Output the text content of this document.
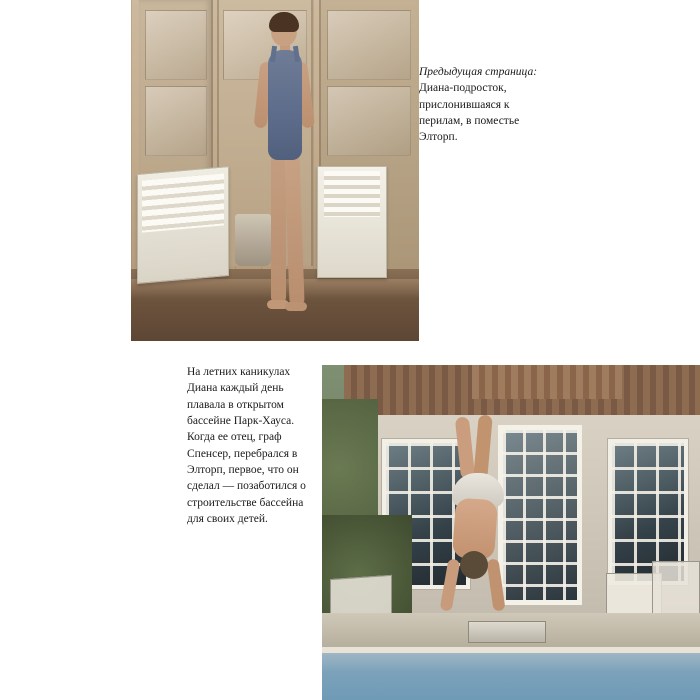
Предыдущая страница: Диана-подросток, прислонившаяся к перилам, в поместье Элторп.
На летних каникулах Диана каждый день плавала в открытом бассейне Парк-Хауса. Когда ее отец, граф Спенсер, перебрался в Элторп, первое, что он сделал — позаботился о строительстве бассейна для своих детей.
